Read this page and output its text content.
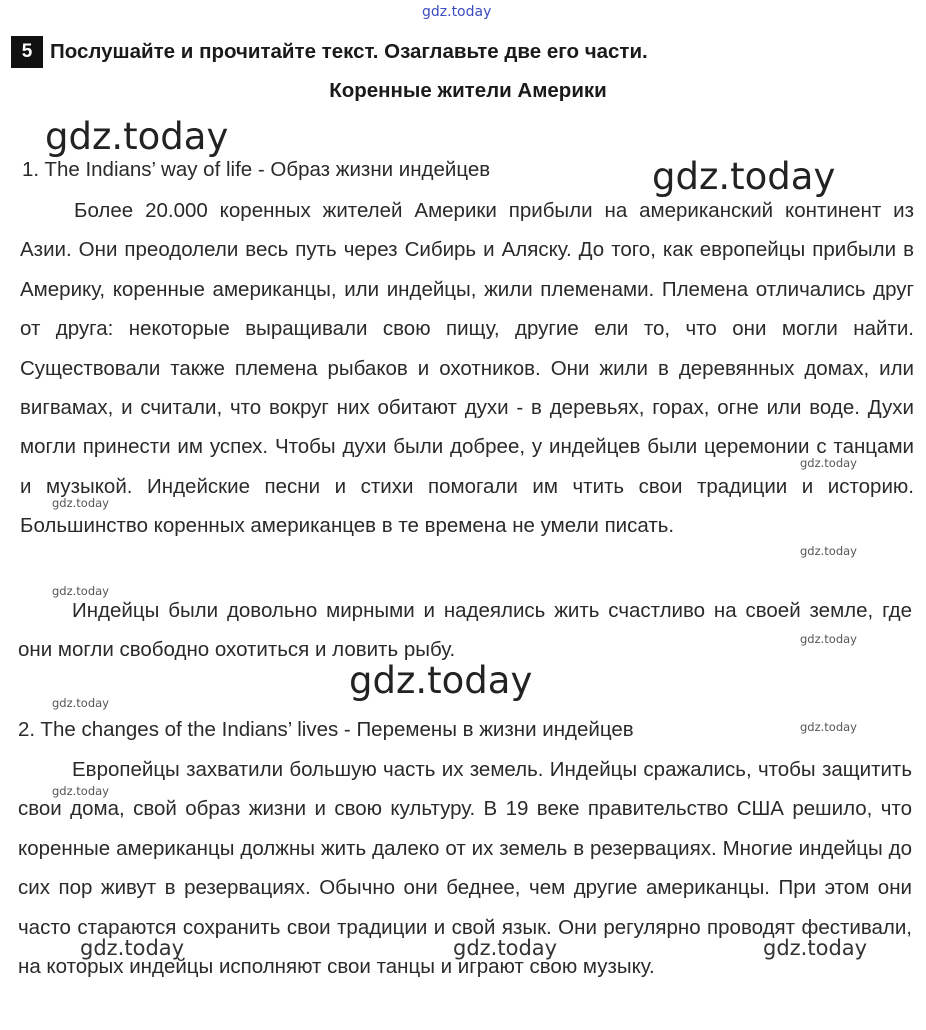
gdz.today
5 Послушайте и прочитайте текст. Озаглавьте две его части.
Коренные жители Америки
gdz.today
gdz.today
gdz.today
1. The Indians’ way of life - Образ жизни индейцев

Более 20.000 коренных жителей Америки прибыли на американский континент из Азии. Они преодолели весь путь через Сибирь и Аляску. До того, как европейцы прибыли в Америку, коренные американцы, или индейцы, жили племенами. Племена отличались друг от друга: некоторые выращивали свою пищу, другие ели то, что они могли найти. Существовали также племена рыбаков и охотников. Они жили в деревянных домах, или вигвамах, и считали, что вокруг них обитают духи - в деревьях, горах, огне или воде. Духи могли принести им успех. Чтобы духи были добрее, у индейцев были церемонии с танцами и музыкой. Индейские песни и стихи помогали им чтить свои традиции и историю. Большинство коренных американцев в те времена не умели писать.

Индейцы были довольно мирными и надеялись жить счастливо на своей земле, где они могли свободно охотиться и ловить рыбу.

2. The changes of the Indians’ lives - Перемены в жизни индейцев

Европейцы захватили большую часть их земель. Индейцы сражались, чтобы защитить свои дома, свой образ жизни и свою культуру. В 19 веке правительство США решило, что коренные американцы должны жить далеко от их земель в резервациях. Многие индейцы до сих пор живут в резервациях. Обычно они беднее, чем другие американцы. При этом они часто стараются сохранить свои традиции и свой язык. Они регулярно проводят фестивали, на которых индейцы исполняют свои танцы и играют свою музыку.

gdz.today
gdz.today
gdz.today
gdz.today
gdz.today
gdz.today
gdz.today
gdz.today
gdz.today	gdz.today	gdz.today
